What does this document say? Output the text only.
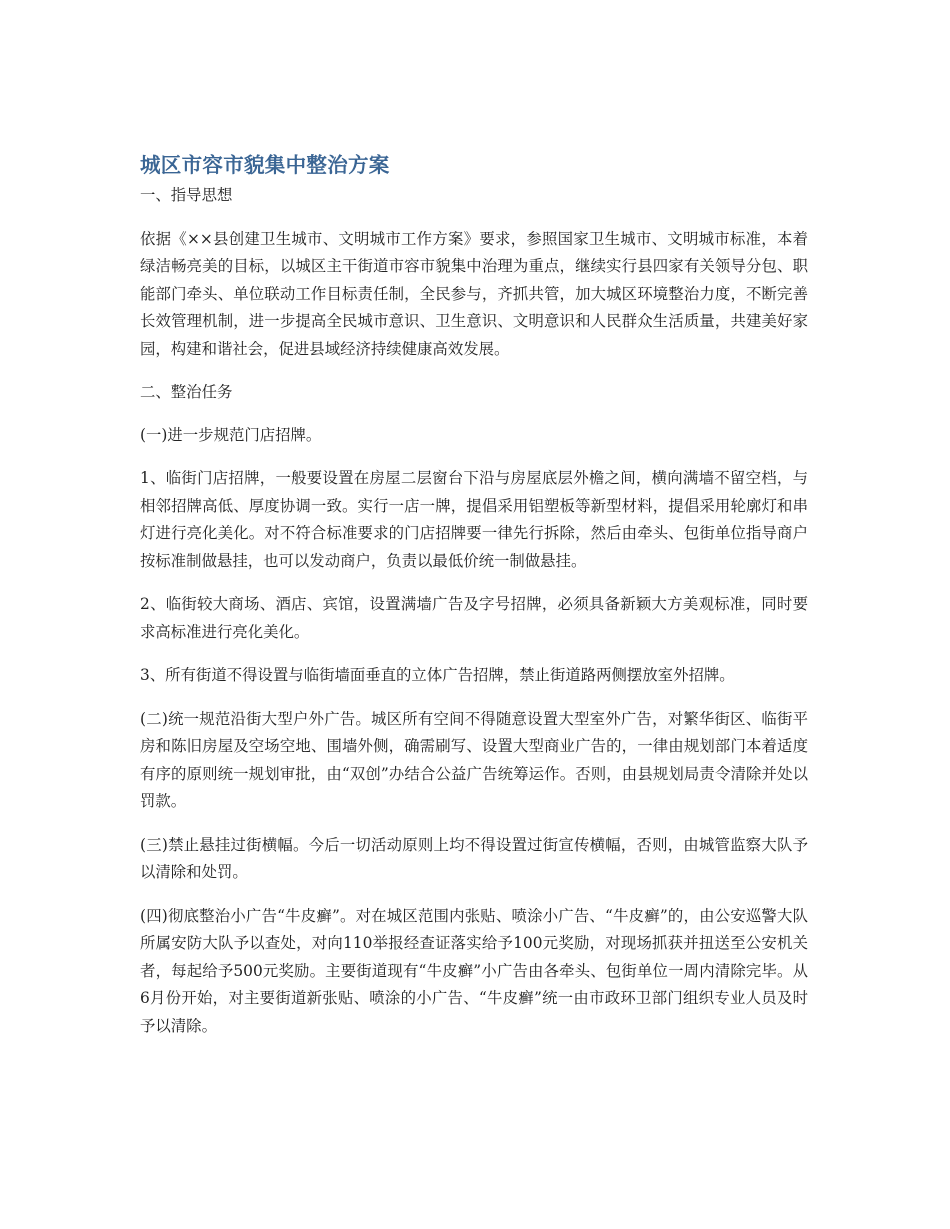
城区市容市貌集中整治方案
一、指导思想
依据《××县创建卫生城市、文明城市工作方案》要求，参照国家卫生城市、文明城市标准，本着绿洁畅亮美的目标，以城区主干街道市容市貌集中治理为重点，继续实行县四家有关领导分包、职能部门牵头、单位联动工作目标责任制，全民参与，齐抓共管，加大城区环境整治力度，不断完善长效管理机制，进一步提高全民城市意识、卫生意识、文明意识和人民群众生活质量，共建美好家园，构建和谐社会，促进县域经济持续健康高效发展。
二、整治任务
(一)进一步规范门店招牌。
1、临街门店招牌，一般要设置在房屋二层窗台下沿与房屋底层外檐之间，横向满墙不留空档，与相邻招牌高低、厚度协调一致。实行一店一牌，提倡采用铝塑板等新型材料，提倡采用轮廓灯和串灯进行亮化美化。对不符合标准要求的门店招牌要一律先行拆除，然后由牵头、包街单位指导商户按标准制做悬挂，也可以发动商户，负责以最低价统一制做悬挂。
2、临街较大商场、酒店、宾馆，设置满墙广告及字号招牌，必须具备新颖大方美观标准，同时要求高标准进行亮化美化。
3、所有街道不得设置与临街墙面垂直的立体广告招牌，禁止街道路两侧摆放室外招牌。
(二)统一规范沿街大型户外广告。城区所有空间不得随意设置大型室外广告，对繁华街区、临街平房和陈旧房屋及空场空地、围墙外侧，确需刷写、设置大型商业广告的，一律由规划部门本着适度有序的原则统一规划审批，由“双创”办结合公益广告统筹运作。否则，由县规划局责令清除并处以罚款。
(三)禁止悬挂过街横幅。今后一切活动原则上均不得设置过街宣传横幅，否则，由城管监察大队予以清除和处罚。
(四)彻底整治小广告“牛皮癣”。对在城区范围内张贴、喷涂小广告、“牛皮癣”的，由公安巡警大队所属安防大队予以查处，对向110举报经查证落实给予100元奖励，对现场抓获并扭送至公安机关者，每起给予500元奖励。主要街道现有“牛皮癣”小广告由各牵头、包街单位一周内清除完毕。从6月份开始，对主要街道新张贴、喷涂的小广告、“牛皮癣”统一由市政环卫部门组织专业人员及时予以清除。
